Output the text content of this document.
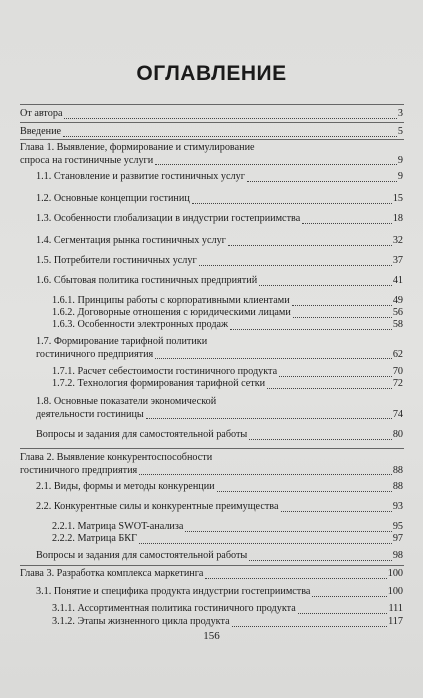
ОГЛАВЛЕНИЕ
От автора	3
Введение	5
Глава 1. Выявление, формирование и стимулирование
спроса на гостиничные услуги	9
1.1. Становление и развитие гостиничных услуг	9
1.2. Основные концепции гостиниц	15
1.3. Особенности глобализации в индустрии гостеприимства	18
1.4. Сегментация рынка гостиничных услуг	32
1.5. Потребители гостиничных услуг	37
1.6. Сбытовая политика гостиничных предприятий	41
1.6.1. Принципы работы с корпоративными клиентами	49
1.6.2. Договорные отношения с юридическими лицами	56
1.6.3. Особенности электронных продаж	58
1.7. Формирование тарифной политики
гостиничного предприятия	62
1.7.1. Расчет себестоимости гостиничного продукта	70
1.7.2. Технология формирования тарифной сетки	72
1.8. Основные показатели экономической
деятельности гостиницы	74
Вопросы и задания для самостоятельной работы	80
Глава 2. Выявление конкурентоспособности
гостиничного предприятия	88
2.1. Виды, формы и методы конкуренции	88
2.2. Конкурентные силы и конкурентные преимущества	93
2.2.1. Матрица SWOT-анализа	95
2.2.2. Матрица БКГ	97
Вопросы и задания для самостоятельной работы	98
Глава 3. Разработка комплекса маркетинга	100
3.1. Понятие и специфика продукта индустрии гостеприимства	100
3.1.1. Ассортиментная политика гостиничного продукта	111
3.1.2. Этапы жизненного цикла продукта	117
156
